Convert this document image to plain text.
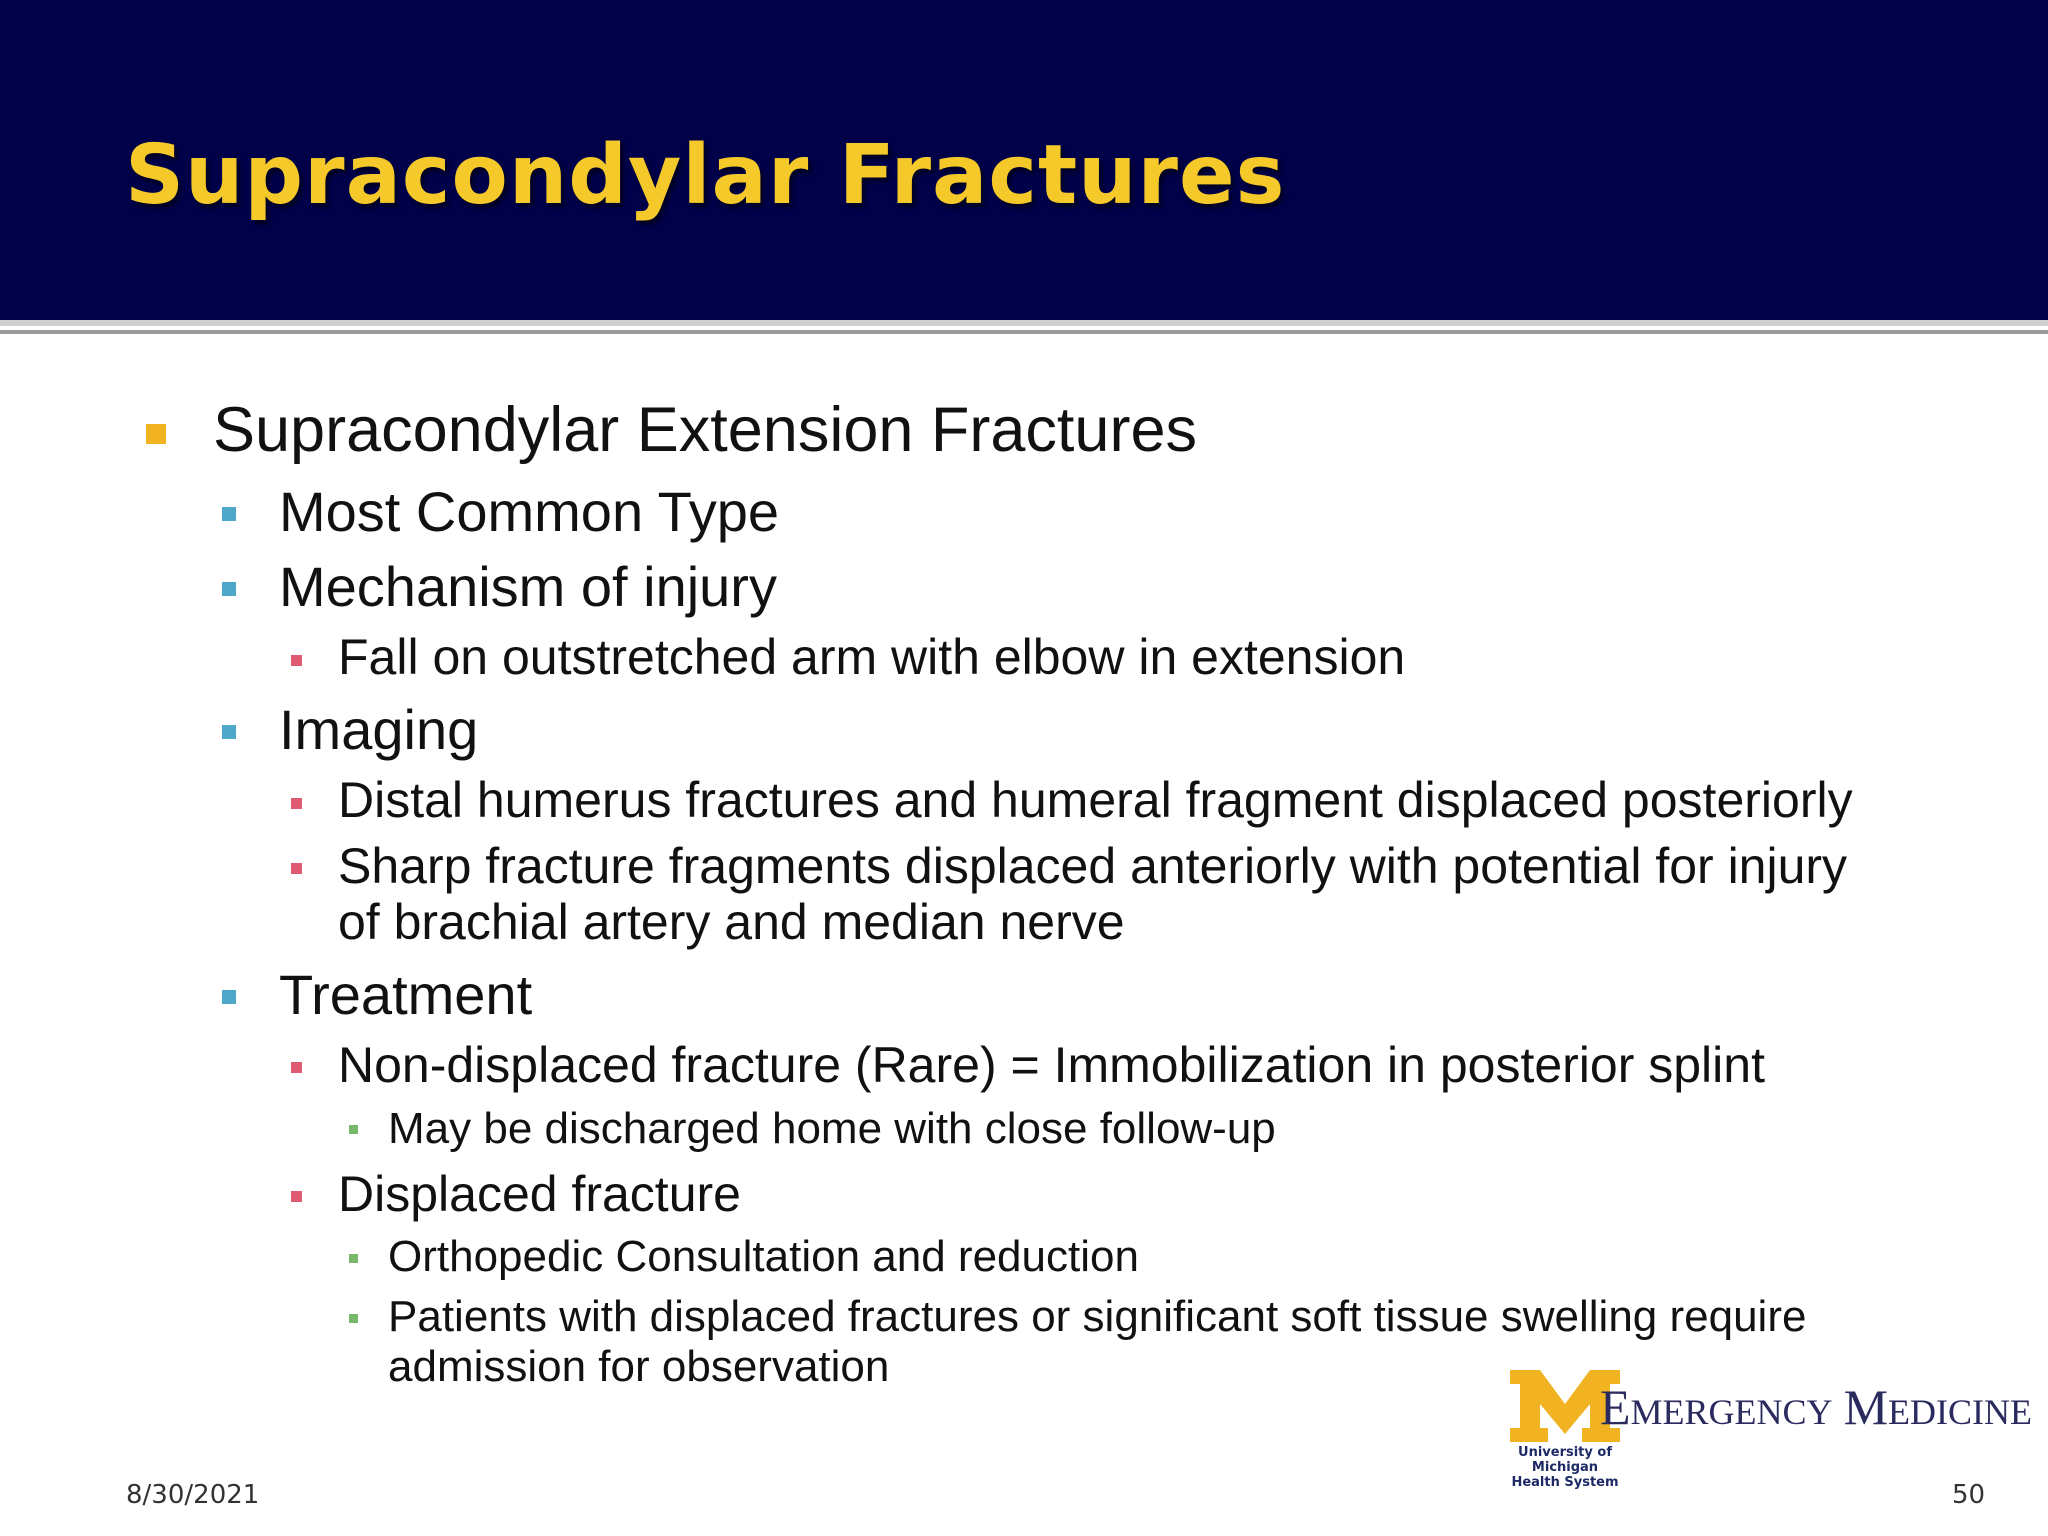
Supracondylar Fractures
Supracondylar Extension Fractures
Most Common Type
Mechanism of injury
Fall on outstretched arm with elbow in extension
Imaging
Distal humerus fractures and humeral fragment displaced posteriorly
Sharp fracture fragments displaced anteriorly with potential for injury
of brachial artery and median nerve
Treatment
Non-displaced fracture (Rare) = Immobilization in posterior splint
May be discharged home with close follow-up
Displaced fracture
Orthopedic Consultation and reduction
Patients with displaced fractures or significant soft tissue swelling require
admission for observation
EMERGENCY MEDICINE
University of Michigan
Health System
8/30/2021	50
